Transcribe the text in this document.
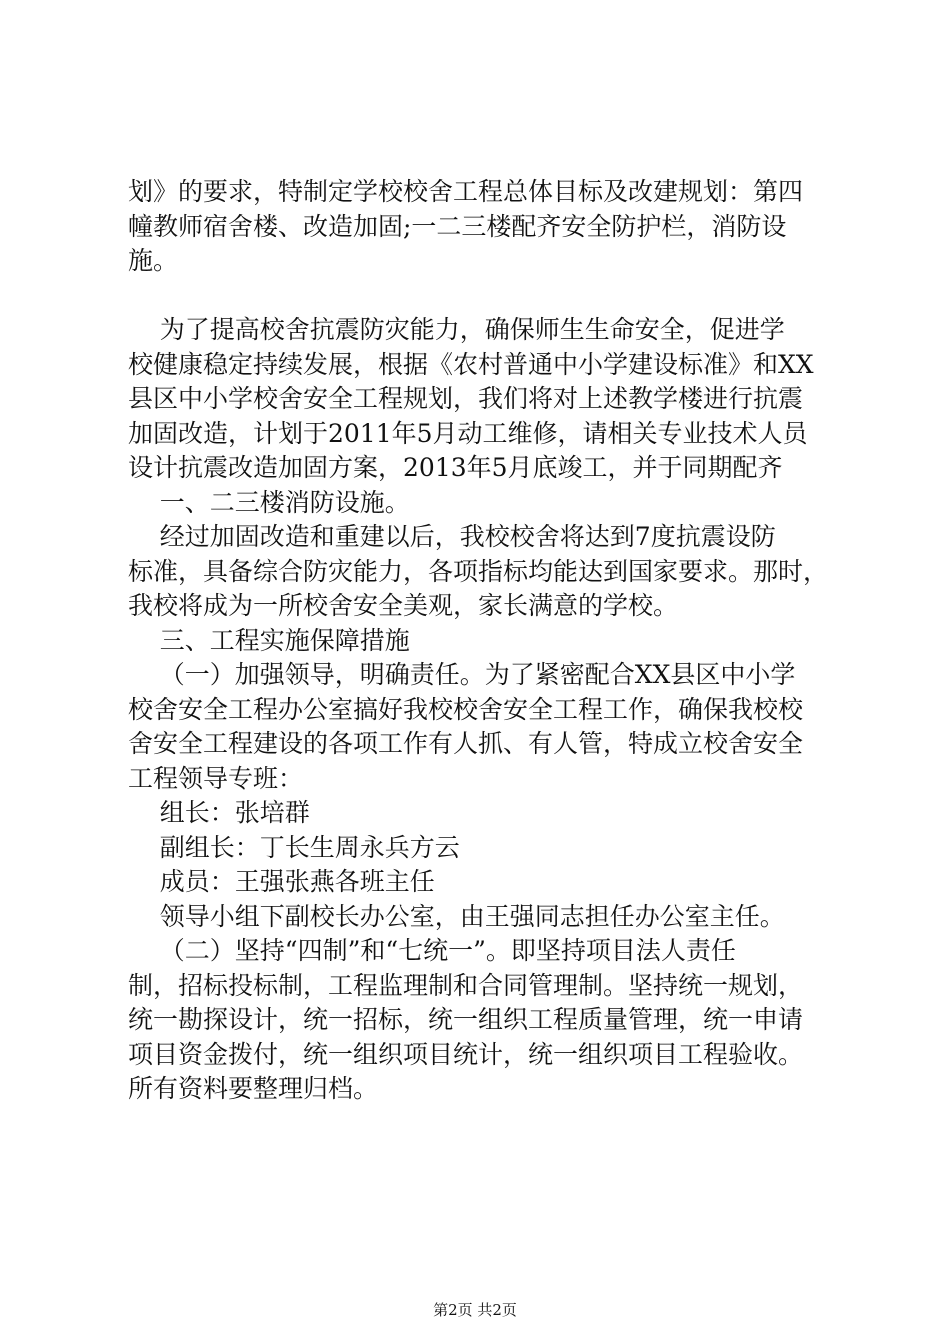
划》的要求，特制定学校校舍工程总体目标及改建规划：第四

幢教师宿舍楼、改造加固;一二三楼配齐安全防护栏，消防设施。

为了提高校舍抗震防灾能力，确保师生生命安全，促进学

校健康稳定持续发展，根据《农村普通中小学建设标准》和XX

县区中小学校舍安全工程规划，我们将对上述教学楼进行抗震

加固改造，计划于2011年5月动工维修，请相关专业技术人员

设计抗震改造加固方案，2013年5月底竣工，并于同期配齐

一、二三楼消防设施。

经过加固改造和重建以后，我校校舍将达到7度抗震设防

标准，具备综合防灾能力，各项指标均能达到国家要求。那时，

我校将成为一所校舍安全美观，家长满意的学校。

三、工程实施保障措施

（一）加强领导，明确责任。为了紧密配合XX县区中小学

校舍安全工程办公室搞好我校校舍安全工程工作，确保我校校

舍安全工程建设的各项工作有人抓、有人管，特成立校舍安全

工程领导专班：

组长：张培群

副组长：丁长生周永兵方云

成员：王强张燕各班主任

领导小组下副校长办公室，由王强同志担任办公室主任。

（二）坚持“四制”和“七统一”。即坚持项目法人责任

制，招标投标制，工程监理制和合同管理制。坚持统一规划，

统一勘探设计，统一招标，统一组织工程质量管理，统一申请

项目资金拨付，统一组织项目统计，统一组织项目工程验收。

所有资料要整理归档。

第2页 共2页
